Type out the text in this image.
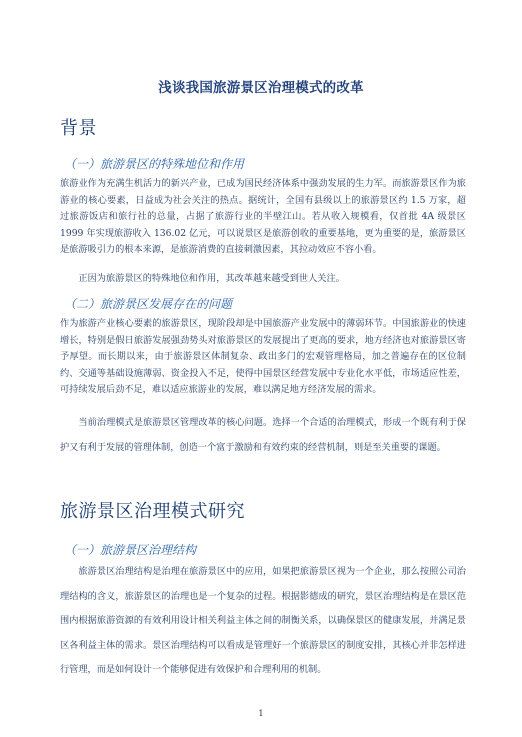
浅谈我国旅游景区治理模式的改革
背景
（一）旅游景区的特殊地位和作用

旅游业作为充满生机活力的新兴产业，已成为国民经济体系中强劲发展的生力军。而旅游景区作为旅游业的核心要素，日益成为社会关注的热点。据统计，全国有县级以上的旅游景区约 1.5 万家，超过旅游饭店和旅行社的总量，占据了旅游行业的半壁江山。若从收入规模看，仅首批 4A 级景区 1999 年实现旅游收入 136.02 亿元，可以说景区是旅游创收的重要基地，更为重要的是，旅游景区是旅游吸引力的根本来源，是旅游消费的直接刺激因素，其拉动效应不容小看。

正因为旅游景区的特殊地位和作用，其改革越来越受到世人关注。

（二）旅游景区发展存在的问题

作为旅游产业核心要素的旅游景区，现阶段却是中国旅游产业发展中的薄弱环节。中国旅游业的快速增长，特别是假日旅游发展强劲势头对旅游景区的发展提出了更高的要求，地方经济也对旅游景区寄予厚望。而长期以来，由于旅游景区体制复杂、政出多门的宏观管理格局，加之普遍存在的区位制约、交通等基础设施薄弱、资金投入不足，使得中国景区经营发展中专业化水平低，市场适应性差，可持续发展后劲不足，难以适应旅游业的发展，难以满足地方经济发展的需求。

当前治理模式是旅游景区管理改革的核心问题。选择一个合适的治理模式，形成一个既有利于保护又有利于发展的管理体制，创造一个富于激励和有效约束的经营机制，则是至关重要的课题。

旅游景区治理模式研究
（一）旅游景区治理结构

旅游景区治理结构是治理在旅游景区中的应用，如果把旅游景区视为一个企业，那么按照公司治理结构的含义，旅游景区的治理也是一个复杂的过程。根据影德成的研究，景区治理结构是在景区范围内根据旅游资源的有效利用设计相关利益主体之间的制衡关系，以确保景区的健康发展，并满足景区各利益主体的需求。景区治理结构可以看成是管理好一个旅游景区的制度安排，其核心并非怎样进行管理，而是如何设计一个能够促进有效保护和合理利用的机制。

1
